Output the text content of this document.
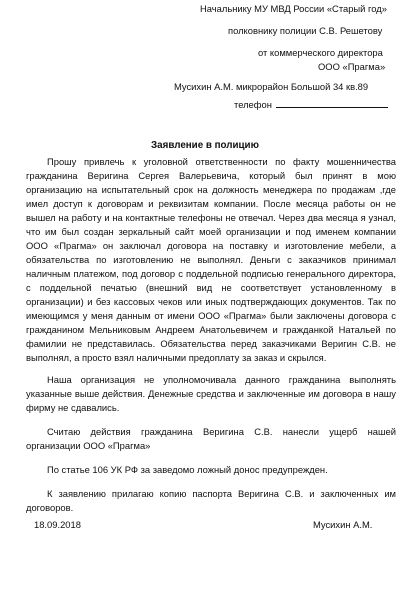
Начальнику МУ МВД России «Старый год»
полковнику полиции С.В. Решетову
от коммерческого директора
ООО «Прагма»
Мусихин А.М. микрорайон Большой 34 кв.89
телефон
Заявление в полицию

Прошу привлечь к уголовной ответственности по факту мошенничества гражданина Веригина Сергея Валерьевича, который был принят в мою организацию на испытательный срок на должность менеджера по продажам ,где имел доступ к договорам и реквизитам компании. После месяца работы он не вышел на работу и на контактные телефоны не отвечал. Через два месяца я узнал, что им был создан зеркальный сайт моей организации и под именем компании ООО «Прагма» он заключал договора на поставку и изготовление мебели, а обязательства по изготовлению не выполнял. Деньги с заказчиков принимал наличным платежом, под договор с поддельной подписью генерального директора, с поддельной печатью (внешний вид не соответствует установленному в организации) и без кассовых чеков или иных подтверждающих документов. Так по имеющимся у меня данным от имени ООО «Прагма» были заключены договора с гражданином Мельниковым Андреем Анатольевичем и гражданкой Натальей по фамилии не представилась. Обязательства перед заказчиками Веригин С.В. не выполнял, а просто взял наличными предоплату за заказ и скрылся.

Наша организация не уполномочивала данного гражданина выполнять указанные выше действия. Денежные средства и заключенные им договора в нашу фирму не сдавались.

Считаю действия гражданина Веригина С.В. нанесли ущерб нашей организации ООО «Прагма»

По статье 106 УК РФ за заведомо ложный донос предупрежден.

К заявлению прилагаю копию паспорта Веригина С.В. и заключенных им договоров.

18.09.2018	Мусихин А.М.
